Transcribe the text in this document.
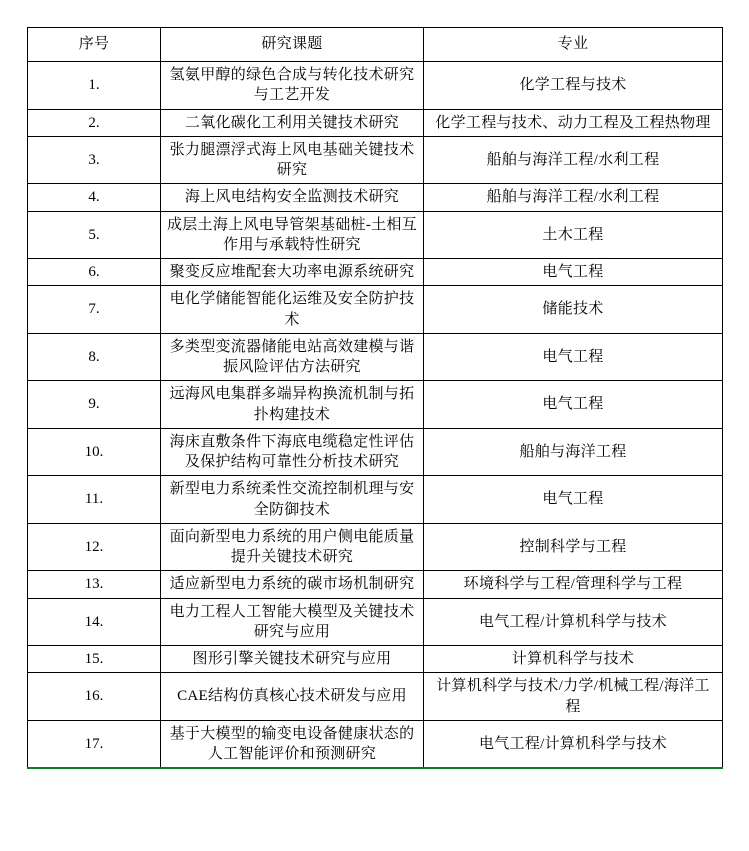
序号	研究课题	专业
1.	氢氨甲醇的绿色合成与转化技术研究与工艺开发	化学工程与技术
2.	二氧化碳化工利用关键技术研究	化学工程与技术、动力工程及工程热物理
3.	张力腿漂浮式海上风电基础关键技术研究	船舶与海洋工程/水利工程
4.	海上风电结构安全监测技术研究	船舶与海洋工程/水利工程
5.	成层土海上风电导管架基础桩-土相互作用与承载特性研究	土木工程
6.	聚变反应堆配套大功率电源系统研究	电气工程
7.	电化学储能智能化运维及安全防护技术	储能技术
8.	多类型变流器储能电站高效建模与谐振风险评估方法研究	电气工程
9.	远海风电集群多端异构换流机制与拓扑构建技术	电气工程
10.	海床直敷条件下海底电缆稳定性评估及保护结构可靠性分析技术研究	船舶与海洋工程
11.	新型电力系统柔性交流控制机理与安全防御技术	电气工程
12.	面向新型电力系统的用户侧电能质量提升关键技术研究	控制科学与工程
13.	适应新型电力系统的碳市场机制研究	环境科学与工程/管理科学与工程
14.	电力工程人工智能大模型及关键技术研究与应用	电气工程/计算机科学与技术
15.	图形引擎关键技术研究与应用	计算机科学与技术
16.	CAE结构仿真核心技术研发与应用	计算机科学与技术/力学/机械工程/海洋工程
17.	基于大模型的输变电设备健康状态的人工智能评价和预测研究	电气工程/计算机科学与技术
